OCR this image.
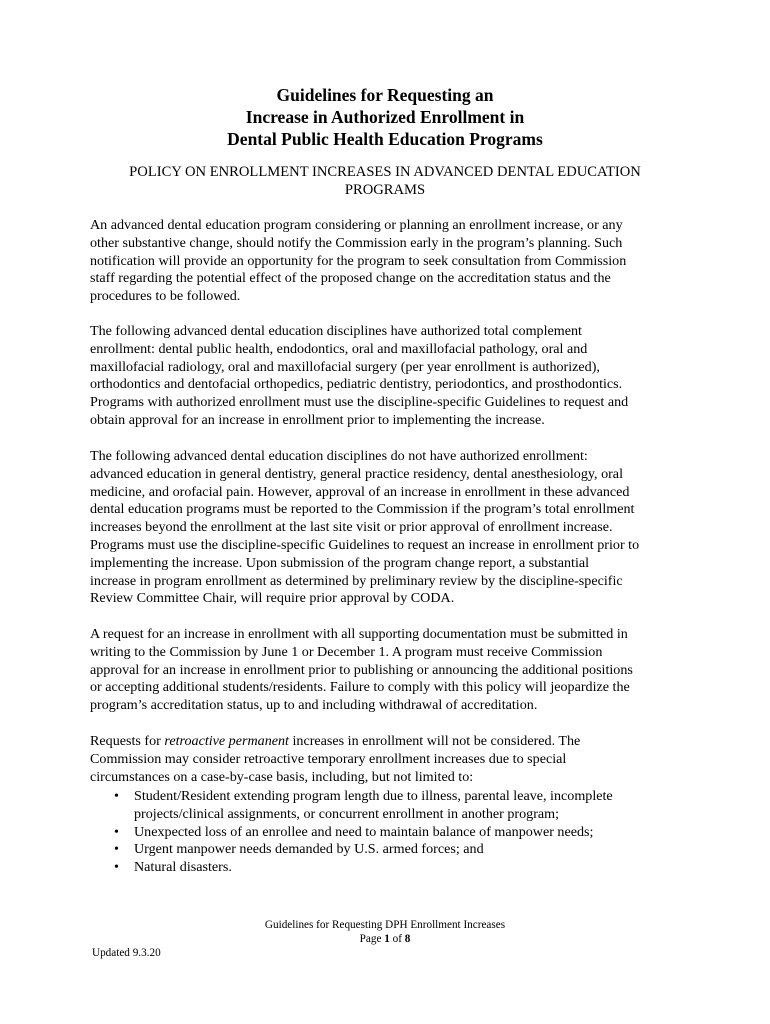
Guidelines for Requesting an
Increase in Authorized Enrollment in
Dental Public Health Education Programs
POLICY ON ENROLLMENT INCREASES IN ADVANCED DENTAL EDUCATION
PROGRAMS

An advanced dental education program considering or planning an enrollment increase, or any
other substantive change, should notify the Commission early in the program’s planning. Such
notification will provide an opportunity for the program to seek consultation from Commission
staff regarding the potential effect of the proposed change on the accreditation status and the
procedures to be followed.

The following advanced dental education disciplines have authorized total complement
enrollment: dental public health, endodontics, oral and maxillofacial pathology, oral and
maxillofacial radiology, oral and maxillofacial surgery (per year enrollment is authorized),
orthodontics and dentofacial orthopedics, pediatric dentistry, periodontics, and prosthodontics.
Programs with authorized enrollment must use the discipline-specific Guidelines to request and
obtain approval for an increase in enrollment prior to implementing the increase.

The following advanced dental education disciplines do not have authorized enrollment:
advanced education in general dentistry, general practice residency, dental anesthesiology, oral
medicine, and orofacial pain. However, approval of an increase in enrollment in these advanced
dental education programs must be reported to the Commission if the program’s total enrollment
increases beyond the enrollment at the last site visit or prior approval of enrollment increase.
Programs must use the discipline-specific Guidelines to request an increase in enrollment prior to
implementing the increase. Upon submission of the program change report, a substantial
increase in program enrollment as determined by preliminary review by the discipline-specific
Review Committee Chair, will require prior approval by CODA.

A request for an increase in enrollment with all supporting documentation must be submitted in
writing to the Commission by June 1 or December 1. A program must receive Commission
approval for an increase in enrollment prior to publishing or announcing the additional positions
or accepting additional students/residents. Failure to comply with this policy will jeopardize the
program’s accreditation status, up to and including withdrawal of accreditation.

Requests for retroactive permanent increases in enrollment will not be considered. The
Commission may consider retroactive temporary enrollment increases due to special
circumstances on a case-by-case basis, including, but not limited to:

• Student/Resident extending program length due to illness, parental leave, incomplete
projects/clinical assignments, or concurrent enrollment in another program;
• Unexpected loss of an enrollee and need to maintain balance of manpower needs;
• Urgent manpower needs demanded by U.S. armed forces; and
• Natural disasters.
Guidelines for Requesting DPH Enrollment Increases
Page 1 of 8
Updated 9.3.20
